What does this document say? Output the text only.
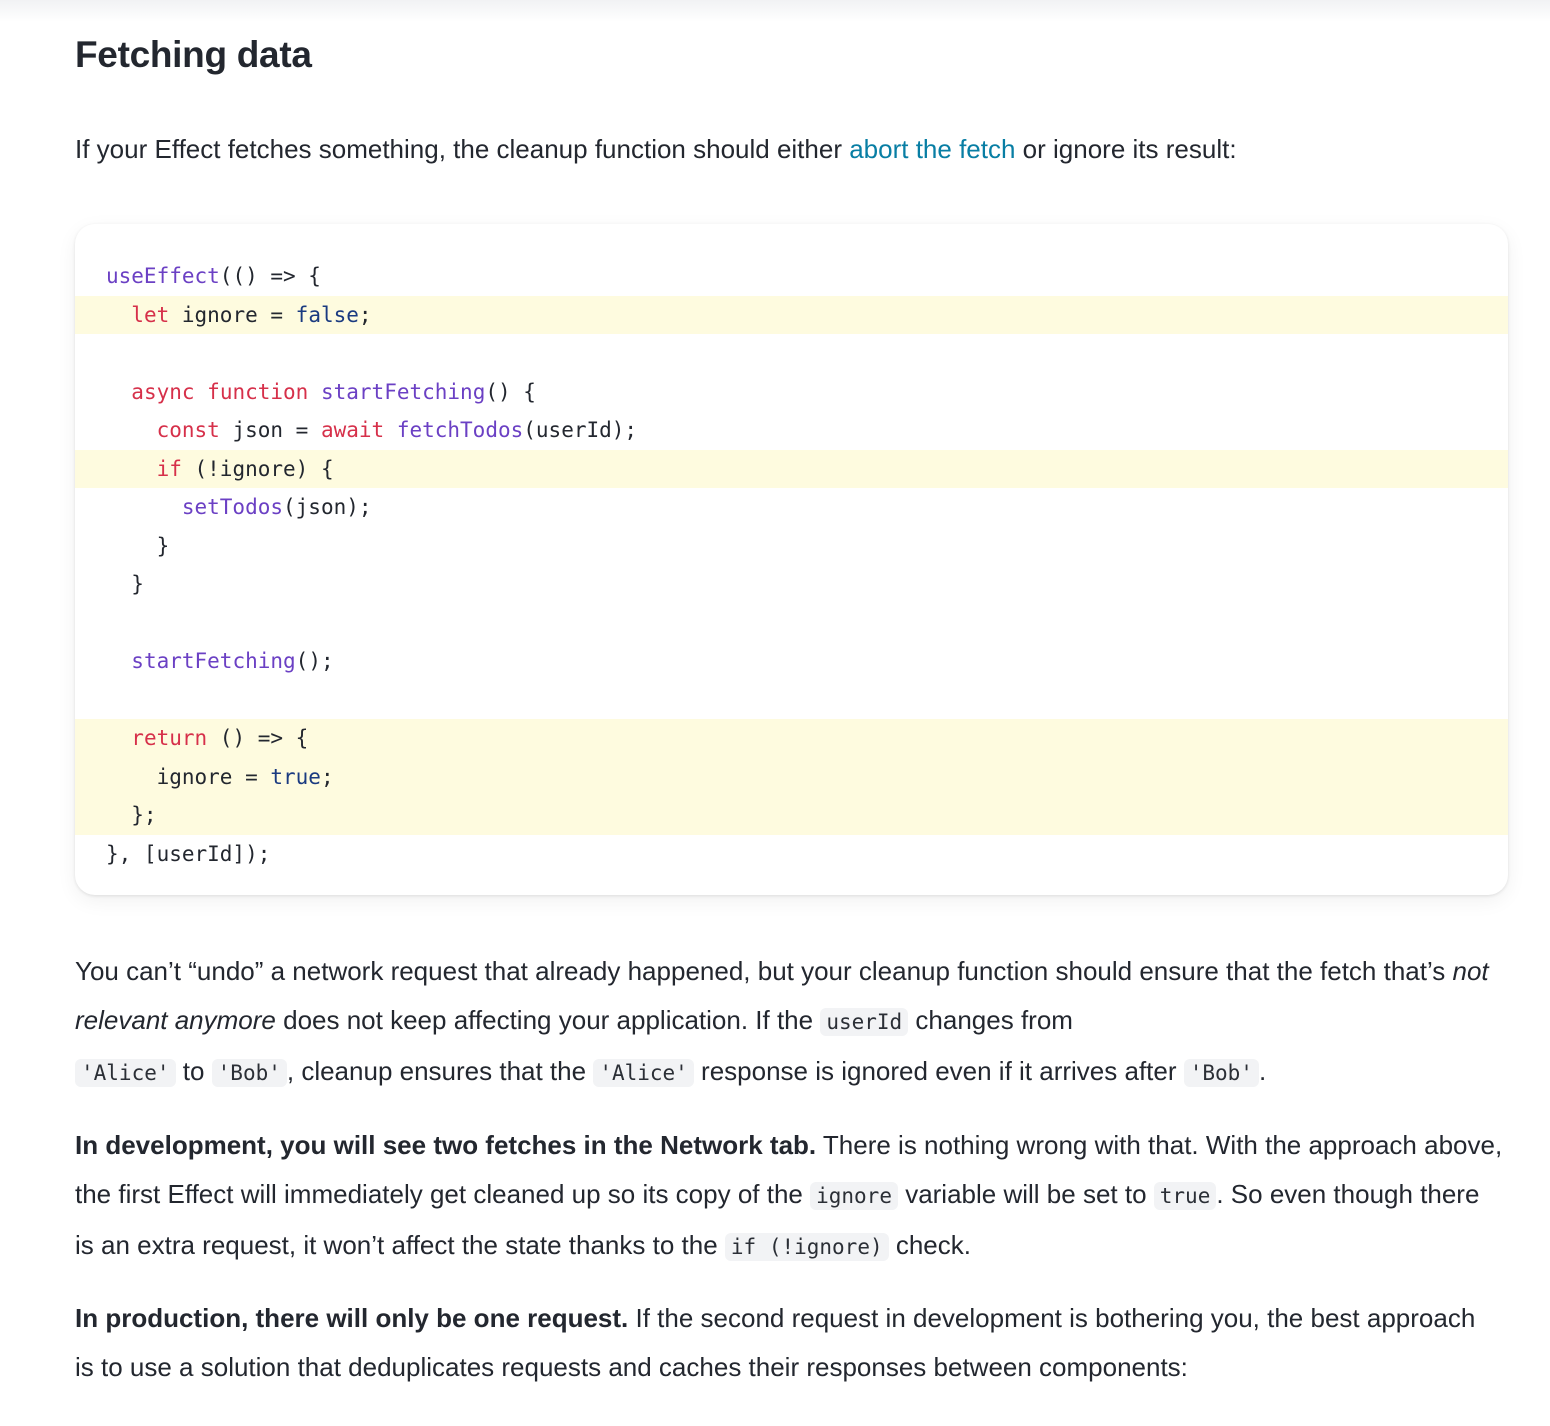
Fetching data

If your Effect fetches something, the cleanup function should either abort the fetch or ignore its result:

useEffect(() => {
let ignore = false;

async function startFetching() {
const json = await fetchTodos(userId);
if (!ignore) {
setTodos(json);
}
}

startFetching();

return () => {
ignore = true;
};
}, [userId]);

You can’t “undo” a network request that already happened, but your cleanup function should ensure that the fetch that’s not relevant anymore does not keep affecting your application. If the userId changes from
'Alice' to 'Bob' , cleanup ensures that the 'Alice' response is ignored even if it arrives after 'Bob' .

In development, you will see two fetches in the Network tab. There is nothing wrong with that. With the approach above, the first Effect will immediately get cleaned up so its copy of the ignore variable will be set to true . So even though there is an extra request, it won’t affect the state thanks to the if (!ignore) check.

In production, there will only be one request. If the second request in development is bothering you, the best approach is to use a solution that deduplicates requests and caches their responses between components:
